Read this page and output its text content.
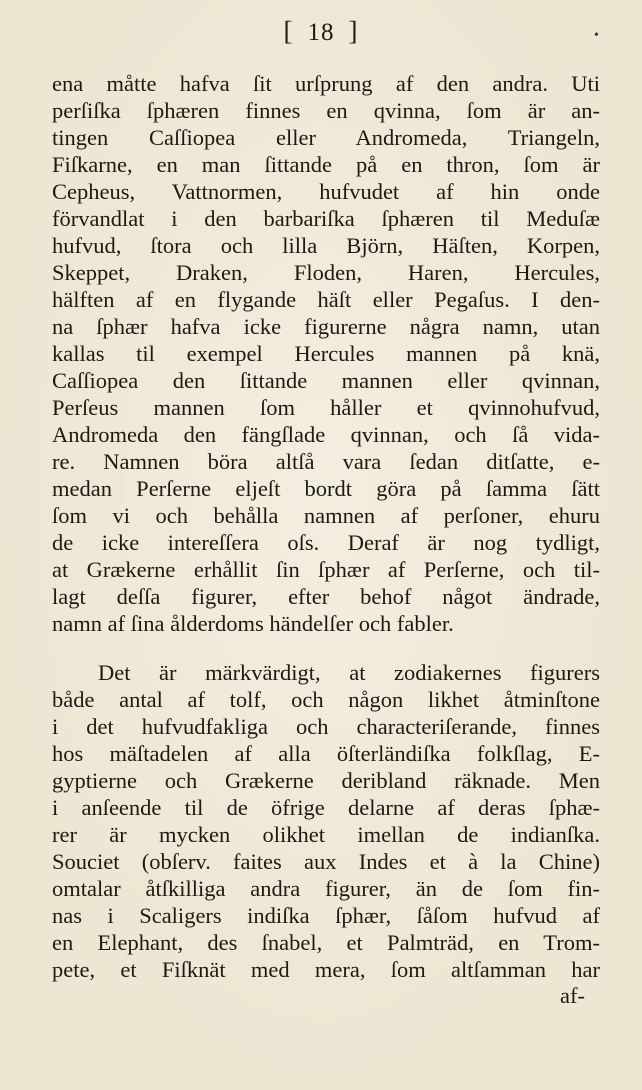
[ 18 ]	•
ena måtte hafva ſit urſprung af den andra. Uti
perſiſka ſphæren finnes en qvinna, ſom är an-
tingen Caſſiopea eller Andromeda, Triangeln,
Fiſkarne, en man ſittande på en thron, ſom är
Cepheus, Vattnormen, hufvudet af hin onde
förvandlat i den barbariſka ſphæren til Meduſæ
hufvud, ſtora och lilla Björn, Häſten, Korpen,
Skeppet, Draken, Floden, Haren, Hercules,
hälften af en flygande häſt eller Pegaſus. I den-
na ſphær hafva icke figurerne några namn, utan
kallas til exempel Hercules mannen på knä,
Caſſiopea den ſittande mannen eller qvinnan,
Perſeus mannen ſom håller et qvinnohufvud,
Andromeda den fängſlade qvinnan, och ſå vida-
re. Namnen böra altſå vara ſedan ditſatte, e-
medan Perſerne eljeſt bordt göra på ſamma ſätt
ſom vi och behålla namnen af perſoner, ehuru
de icke intereſſera oſs. Deraf är nog tydligt,
at Grækerne erhållit ſin ſphær af Perſerne, och til-
lagt deſſa figurer, efter behof något ändrade,
namn af ſina ålderdoms händelſer och fabler.
Det är märkvärdigt, at zodiakernes figurers
både antal af tolf, och någon likhet åtminſtone
i det hufvudfakliga och characteriſerande, finnes
hos mäſtadelen af alla öſterländiſka folkſlag, E-
gyptierne och Grækerne deribland räknade. Men
i anſeende til de öfrige delarne af deras ſphæ-
rer är mycken olikhet imellan de indianſka.
Souciet (obſerv. faites aux Indes et à la Chine)
omtalar åtſkilliga andra figurer, än de ſom fin-
nas i Scaligers indiſka ſphær, ſåſom hufvud af
en Elephant, des ſnabel, et Palmträd, en Trom-
pete, et Fiſknät med mera, ſom altſamman har
af-
